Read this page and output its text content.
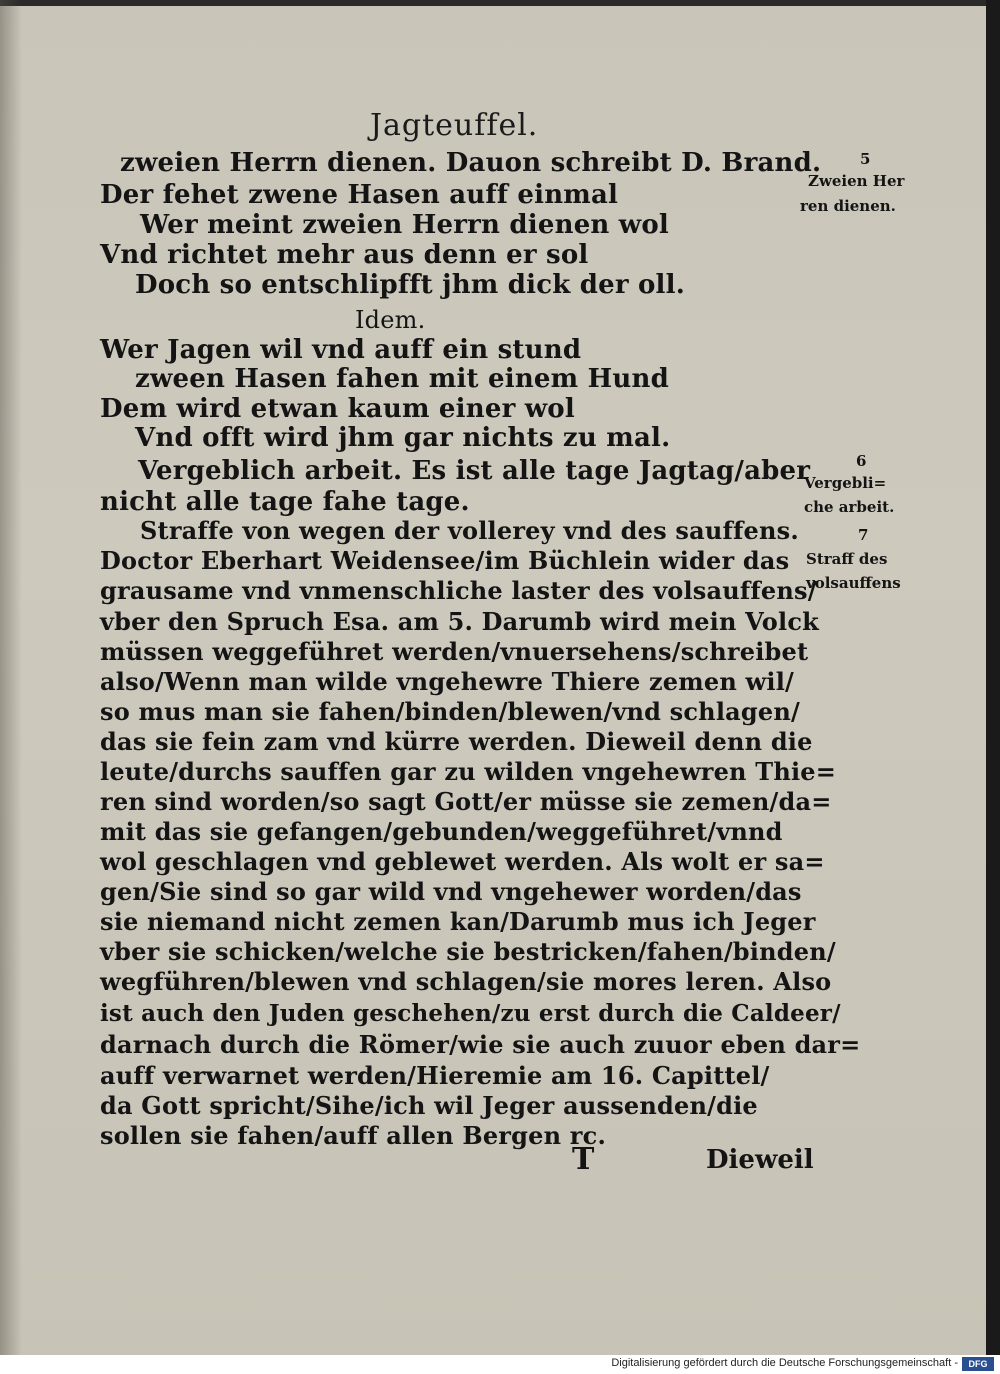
Jagteuffel.
zweien Herrn dienen. Dauon schreibt D. Brand.
Der fehet zwene Hasen auff einmal
Wer meint zweien Herrn dienen wol
Vnd richtet mehr aus denn er sol
Doch so entschlipfft jhm dick der oll.
Idem.
Wer Jagen wil vnd auff ein stund
zween Hasen fahen mit einem Hund
Dem wird etwan kaum einer wol
Vnd offt wird jhm gar nichts zu mal.
Vergeblich arbeit. Es ist alle tage Jagtag/aber
nicht alle tage fahe tage.
Straffe von wegen der vollerey vnd des sauffens.
Doctor Eberhart Weidensee/im Büchlein wider das
grausame vnd vnmenschliche laster des volsauffens/
vber den Spruch Esa. am 5. Darumb wird mein Volck
müssen weggeführet werden/vnuersehens/schreibet
also/Wenn man wilde vngehewre Thiere zemen wil/
so mus man sie fahen/binden/blewen/vnd schlagen/
das sie fein zam vnd kürre werden. Dieweil denn die
leute/durchs sauffen gar zu wilden vngehewren Thie=
ren sind worden/so sagt Gott/er müsse sie zemen/da=
mit das sie gefangen/gebunden/weggeführet/vnnd
wol geschlagen vnd geblewet werden. Als wolt er sa=
gen/Sie sind so gar wild vnd vngehewer worden/das
sie niemand nicht zemen kan/Darumb mus ich Jeger
vber sie schicken/welche sie bestricken/fahen/binden/
wegführen/blewen vnd schlagen/sie mores leren. Also
ist auch den Juden geschehen/zu erst durch die Caldeer/
darnach durch die Römer/wie sie auch zuuor eben dar=
auff verwarnet werden/Hieremie am 16. Capittel/
da Gott spricht/Sihe/ich wil Jeger aussenden/die
sollen sie fahen/auff allen Bergen rc.
5
Zweien Her
ren dienen.
6
Vergebli=
che arbeit.
7
Straff des
volsauffens
T	Dieweil
Digitalisierung gefördert durch die Deutsche Forschungsgemeinschaft -	DFG
